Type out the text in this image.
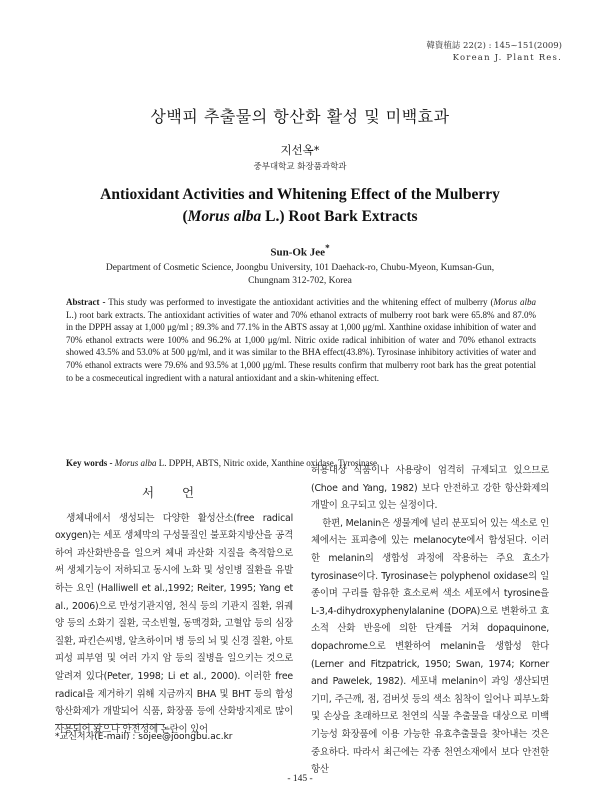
韓資植誌 22(2) : 145~151(2009)
Korean J. Plant Res.
상백피 추출물의 항산화 활성 및 미백효과
지선옥*
중부대학교 화장품과학과
Antioxidant Activities and Whitening Effect of the Mulberry
(Morus alba L.) Root Bark Extracts
Sun-Ok Jee*
Department of Cosmetic Science, Joongbu University, 101 Daehack-ro, Chubu-Myeon, Kumsan-Gun,
Chungnam 312-702, Korea
Abstract - This study was performed to investigate the antioxidant activities and the whitening effect of mulberry (Morus alba L.) root bark extracts. The antioxidant activities of water and 70% ethanol extracts of mulberry root bark were 65.8% and 87.0% in the DPPH assay at 1,000 μg/ml ; 89.3% and 77.1% in the ABTS assay at 1,000 μg/ml. Xanthine oxidase inhibition of water and 70% ethanol extracts were 100% and 96.2% at 1,000 μg/ml. Nitric oxide radical inhibition of water and 70% ethanol extracts showed 43.5% and 53.0% at 500 μg/ml, and it was similar to the BHA effect(43.8%). Tyrosinase inhibitory activities of water and 70% ethanol extracts were 79.6% and 93.5% at 1,000 μg/ml. These results confirm that mulberry root bark has the great potential to be a cosmeceutical ingredient with a natural antioxidant and a skin-whitening effect.
Key words - Morus alba L. DPPH, ABTS, Nitric oxide, Xanthine oxidase, Tyrosinase
서 언

생체내에서 생성되는 다양한 활성산소(free radical oxygen)는 세포 생체막의 구성물질인 불포화지방산을 공격하여 과산화반응을 일으켜 체내 과산화 지질을 축적함으로써 생체기능이 저하되고 동시에 노화 및 성인병 질환을 유발하는 요인 (Halliwell et al.,1992; Reiter, 1995; Yang et al., 2006)으로 만성기관지염, 천식 등의 기관지 질환, 위궤양 등의 소화기 질환, 국소빈혈, 동맥경화, 고혈압 등의 심장질환, 파킨슨씨병, 알츠하이머 병 등의 뇌 및 신경 질환, 아토피성 피부염 및 여러 가지 암 등의 질병을 일으키는 것으로 알려져 있다(Peter, 1998; Li et al., 2000). 이러한 free radical을 제거하기 위해 지금까지 BHA 및 BHT 등의 합성 항산화제가 개발되어 식품, 화장품 등에 산화방지제로 많이 사용되어 왔으나 안전성에 논란이 있어

허용대상 식품이나 사용량이 엄격히 규제되고 있으므로 (Choe and Yang, 1982) 보다 안전하고 강한 항산화제의 개발이 요구되고 있는 실정이다.

한편, Melanin은 생물계에 널리 분포되어 있는 색소로 인체에서는 표피층에 있는 melanocyte에서 합성된다. 이러한 melanin의 생합성 과정에 작용하는 주요 효소가 tyrosinase이다. Tyrosinase는 polyphenol oxidase의 일종이며 구리를 함유한 효소로써 색소 세포에서 tyrosine을 L-3,4-dihydroxyphenylalanine (DOPA)으로 변환하고 효소적 산화 반응에 의한 단계를 거쳐 dopaquinone, dopachrome으로 변환하여 melanin을 생합성 한다(Lerner and Fitzpatrick, 1950; Swan, 1974; Korner and Pawelek, 1982). 세포내 melanin이 과잉 생산되면 기미, 주근깨, 점, 검버섯 등의 색소 침착이 일어나 피부노화 및 손상을 초래하므로 천연의 식물 추출물을 대상으로 미백 기능성 화장품에 이용 가능한 유효추출물을 찾아내는 것은 중요하다. 따라서 최근에는 각종 천연소재에서 보다 안전한 항산

*교신저자(E-mail) : sojee@joongbu.ac.kr
- 145 -
